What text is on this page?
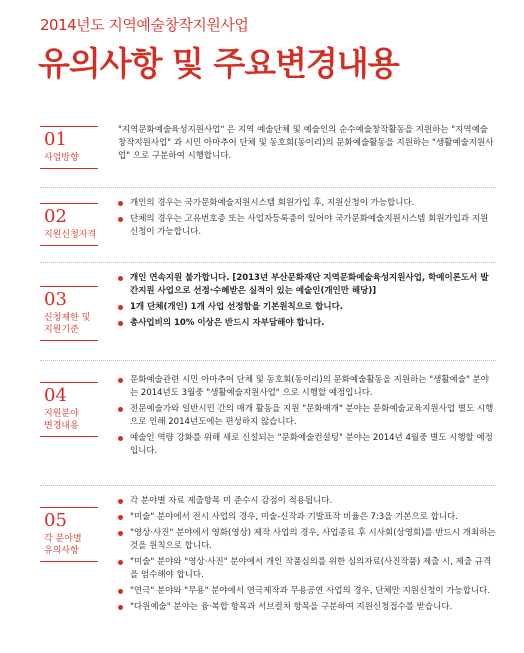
2014년도 지역예술창작지원사업
유의사항 및 주요변경내용
01
사업방향

"지역문화예술육성지원사업" 은 지역 예술단체 및 예술인의 순수예술창작활동을 지원하는 "지역예술창작지원사업" 과 시민 아마추어 단체 및 동호회(동이리)의 문화예술활동을 지원하는 "생활예술지원사업" 으로 구분하여 시행합니다.

02
지원신청자격
개인의 경우는 국가문화예술지원시스템 회원가입 후, 지원신청이 가능합니다.
단체의 경우는 고유번호증 또는 사업자등록증이 있어야 국가문화예술지원시스템 회원가입과 지원신청이 가능합니다.
03
신청제한 및
지원기준
개인 연속지원 불가합니다. [2013년 부산문화재단 지역문화예술육성지원사업, 학예이론도서 발간지원 사업으로 선정·수혜받은 실적이 있는 예술인(개인만 해당)]
1개 단체(개인) 1개 사업 선정함을 기본원칙으로 합니다.
총사업비의 10% 이상은 반드시 자부담해야 합니다.
04
지원분야
변경내용
문화예술관련 시민 아마추어 단체 및 동호회(동이리)의 문화예술활동을 지원하는 "생활예술" 분야는 2014년도 3월중 "생활예술지원사업" 으로 시행할 예정입니다.
전문예술가와 일반시민 간의 매개 활동을 지원 "문화매개" 분야는 문화예술교육지원사업 별도 시행으로 인해 2014년도에는 편성하지 않습니다.
예술인 역량 강화를 위해 새로 신설되는 "문화예술컨설팅" 분야는 2014년 4월중 별도 시행할 예정입니다.
05
각 분야별
유의사항
각 분야별 자료 제출항목 미 준수시 감점이 적용됩니다.
"미술" 분야에서 전시 사업의 경우, 미술-신작과 기발표작 비율은 7:3을 기본으로 합니다.
"영상·사진" 분야에서 영화(영상) 제작 사업의 경우, 사업종료 후 시사회(상영회)를 반드시 개최하는 것을 원칙으로 합니다.
"미술" 분야와 "영상·사진" 분야에서 개인 작품심의를 위한 심의자료(사진작품) 제출 시, 제출 규격을 엄수해야 합니다.
"연극" 분야와 "무용" 분야에서 연극제작과 무용공연 사업의 경우, 단체만 지원신청이 가능합니다.
"다원예술" 분야는 융·복합 항목과 서브컬쳐 항목을 구분하여 지원신청접수를 받습니다.
